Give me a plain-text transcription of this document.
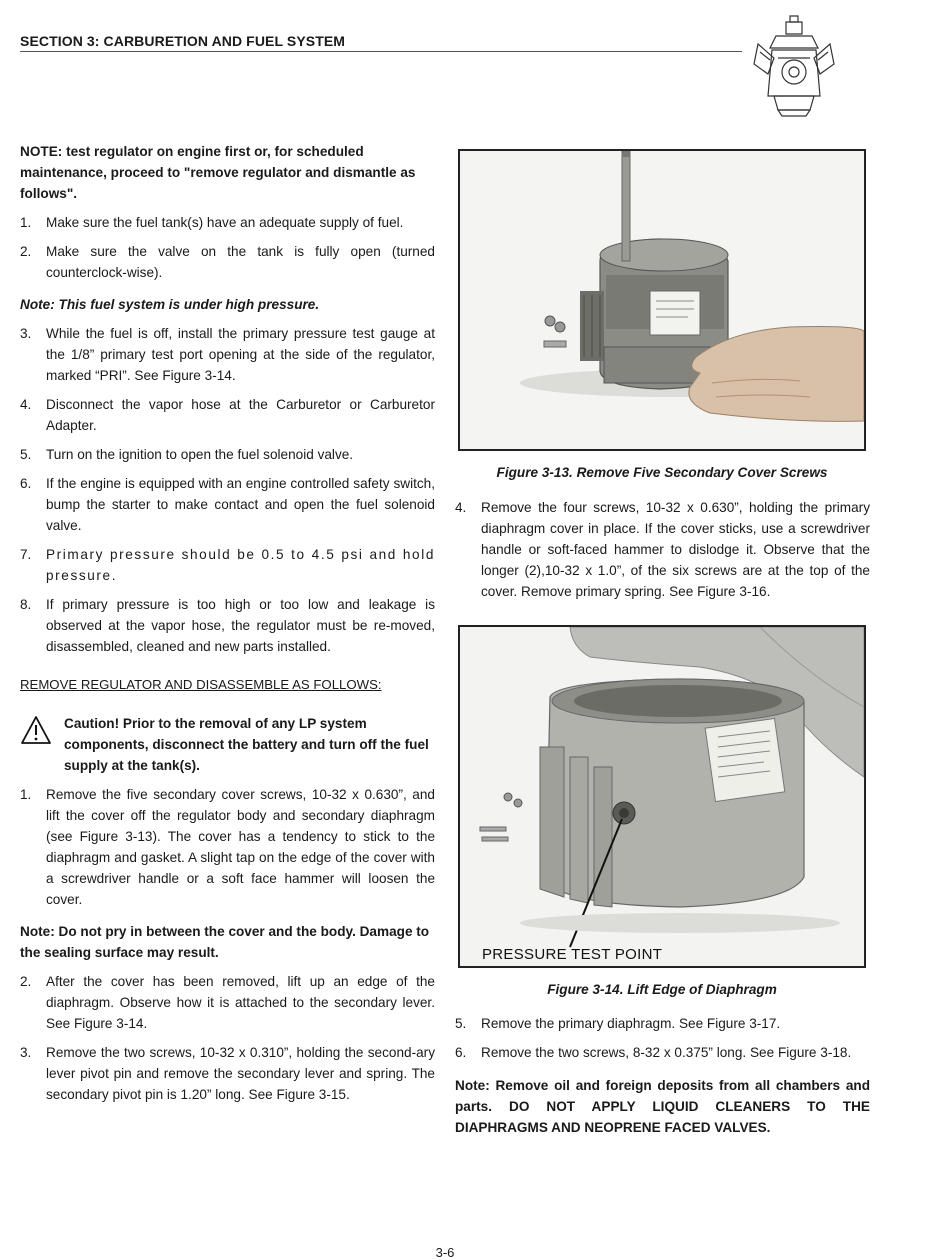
SECTION 3: CARBURETION AND FUEL SYSTEM
NOTE: test regulator on engine first or, for scheduled maintenance, proceed to "remove regulator and dismantle as follows".
1. Make sure the fuel tank(s) have an adequate supply of fuel.
2. Make sure the valve on the tank is fully open (turned counterclock-wise).
Note: This fuel system is under high pressure.
3. While the fuel is off, install the primary pressure test gauge at the 1/8” primary test port opening at the side of the regulator, marked “PRI”. See Figure 3-14.
4. Disconnect the vapor hose at the Carburetor or Carburetor Adapter.
5. Turn on the ignition to open the fuel solenoid valve.
6. If the engine is equipped with an engine controlled safety switch, bump the starter to make contact and open the fuel solenoid valve.
7. Primary pressure should be 0.5 to 4.5 psi and hold pressure.
8. If primary pressure is too high or too low and leakage is observed at the vapor hose, the regulator must be re-moved, disassembled, cleaned and new parts installed.
REMOVE REGULATOR AND DISASSEMBLE AS FOLLOWS:
Caution! Prior to the removal of any LP system components, disconnect the battery and turn off the fuel supply at the tank(s).
1. Remove the five secondary cover screws, 10-32 x 0.630”, and lift the cover off the regulator body and secondary diaphragm (see Figure 3-13). The cover has a tendency to stick to the diaphragm and gasket. A slight tap on the edge of the cover with a screwdriver handle or a soft face hammer will loosen the cover.
Note: Do not pry in between the cover and the body. Damage to the sealing surface may result.
2. After the cover has been removed, lift up an edge of the diaphragm. Observe how it is attached to the secondary lever. See Figure 3-14.
3. Remove the two screws, 10-32 x 0.310”, holding the second-ary lever pivot pin and remove the secondary lever and spring. The secondary pivot pin is 1.20” long. See Figure 3-15.
Figure 3-13. Remove Five Secondary Cover Screws
4. Remove the four screws, 10-32 x 0.630”, holding the primary diaphragm cover in place. If the cover sticks, use a screwdriver handle or soft-faced hammer to dislodge it. Observe that the longer (2),10-32 x 1.0”, of the six screws are at the top of the cover. Remove primary spring. See Figure 3-16.
PRESSURE TEST POINT
Figure 3-14. Lift Edge of Diaphragm
5. Remove the primary diaphragm. See Figure 3-17.
6. Remove the two screws, 8-32 x 0.375” long. See Figure 3-18.
Note: Remove oil and foreign deposits from all chambers and parts. DO NOT APPLY LIQUID CLEANERS TO THE DIAPHRAGMS AND NEOPRENE FACED VALVES.
3-6
